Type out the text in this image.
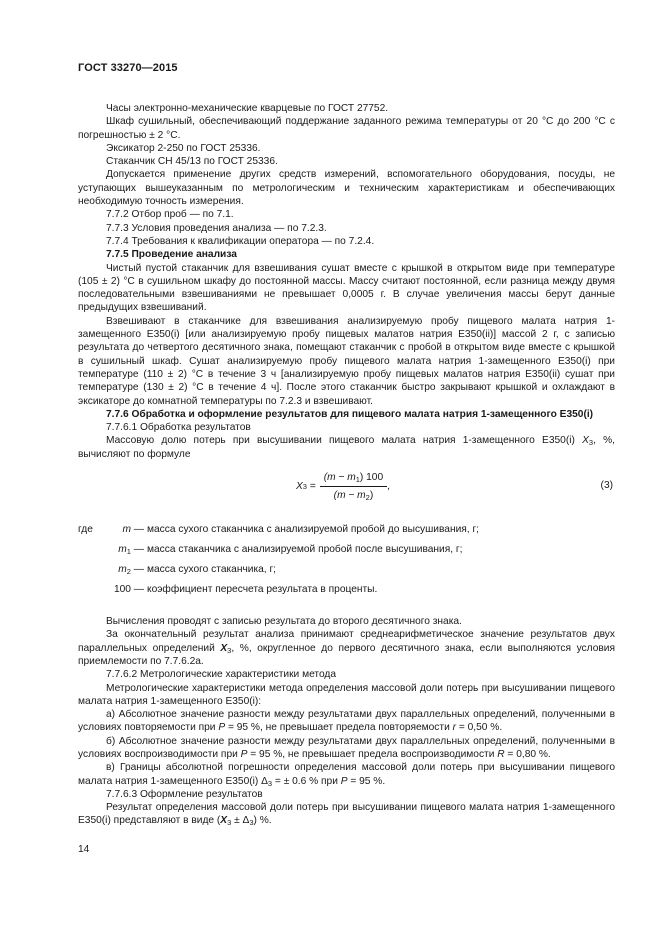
ГОСТ 33270—2015

Часы электронно-механические кварцевые по ГОСТ 27752.

Шкаф сушильный, обеспечивающий поддержание заданного режима температуры от 20 °С до 200 °С с погрешностью ± 2 °С.

Эксикатор 2-250 по ГОСТ 25336.

Стаканчик СН 45/13 по ГОСТ 25336.

Допускается применение других средств измерений, вспомогательного оборудования, посуды, не уступающих вышеуказанным по метрологическим и техническим характеристикам и обеспечивающих необходимую точность измерения.

7.7.2 Отбор проб — по 7.1.

7.7.3 Условия проведения анализа — по 7.2.3.

7.7.4 Требования к квалификации оператора — по 7.2.4.

7.7.5 Проведение анализа

Чистый пустой стаканчик для взвешивания сушат вместе с крышкой в открытом виде при температуре (105 ± 2) °С в сушильном шкафу до постоянной массы. Массу считают постоянной, если разница между двумя последовательными взвешиваниями не превышает 0,0005 г. В случае увеличения массы берут данные предыдущих взвешиваний.

Взвешивают в стаканчике для взвешивания анализируемую пробу пищевого малата натрия 1-замещенного Е350(i) [или анализируемую пробу пищевых малатов натрия Е350(ii)] массой 2 г, с записью результата до четвертого десятичного знака, помещают стаканчик с пробой в открытом виде вместе с крышкой в сушильный шкаф. Сушат анализируемую пробу пищевого малата натрия 1-замещенного Е350(i) при температуре (110 ± 2) °С в течение 3 ч [анализируемую пробу пищевых малатов натрия Е350(ii) сушат при температуре (130 ± 2) °С в течение 4 ч]. После этого стаканчик быстро закрывают крышкой и охлаждают в эксикаторе до комнатной температуры по 7.2.3 и взвешивают.

7.7.6 Обработка и оформление результатов для пищевого малата натрия 1-замещенного Е350(i)

7.7.6.1 Обработка результатов

Массовую долю потерь при высушивании пищевого малата натрия 1-замещенного Е350(i) $X_3$, %, вычисляют по формуле

X 3
= $\frac{(m - m_1) 100}{(m - m_2)}$ ,	(3)
где	m — масса сухого стаканчика с анализируемой пробой до высушивания, г;
$m_1$ — масса стаканчика с анализируемой пробой после высушивания, г;
$m_2$ — масса сухого стаканчика, г;
100 — коэффициент пересчета результата в проценты.

Вычисления проводят с записью результата до второго десятичного знака.

За окончательный результат анализа принимают среднеарифметическое значение результатов двух параллельных определений $X_3$, %, округленное до первого десятичного знака, если выполняются условия приемлемости по 7.7.6.2а.

7.7.6.2 Метрологические характеристики метода

Метрологические характеристики метода определения массовой доли потерь при высушивании пищевого малата натрия 1-замещенного Е350(i):

а) Абсолютное значение разности между результатами двух параллельных определений, полученными в условиях повторяемости при P = 95 %, не превышает предела повторяемости r = 0,50 %.

б) Абсолютное значение разности между результатами двух параллельных определений, полученными в условиях воспроизводимости при P = 95 %, не превышает предела воспроизводимости R = 0,80 %.

в) Границы абсолютной погрешности определения массовой доли потерь при высушивании пищевого малата натрия 1-замещенного Е350(i) $\Delta_3$ = ± 0.6 % при P = 95 %.

7.7.6.3 Оформление результатов

Результат определения массовой доли потерь при высушивании пищевого малата натрия 1-замещенного Е350(i) представляют в виде $(X_3 \pm \Delta_3)$ %.

14
